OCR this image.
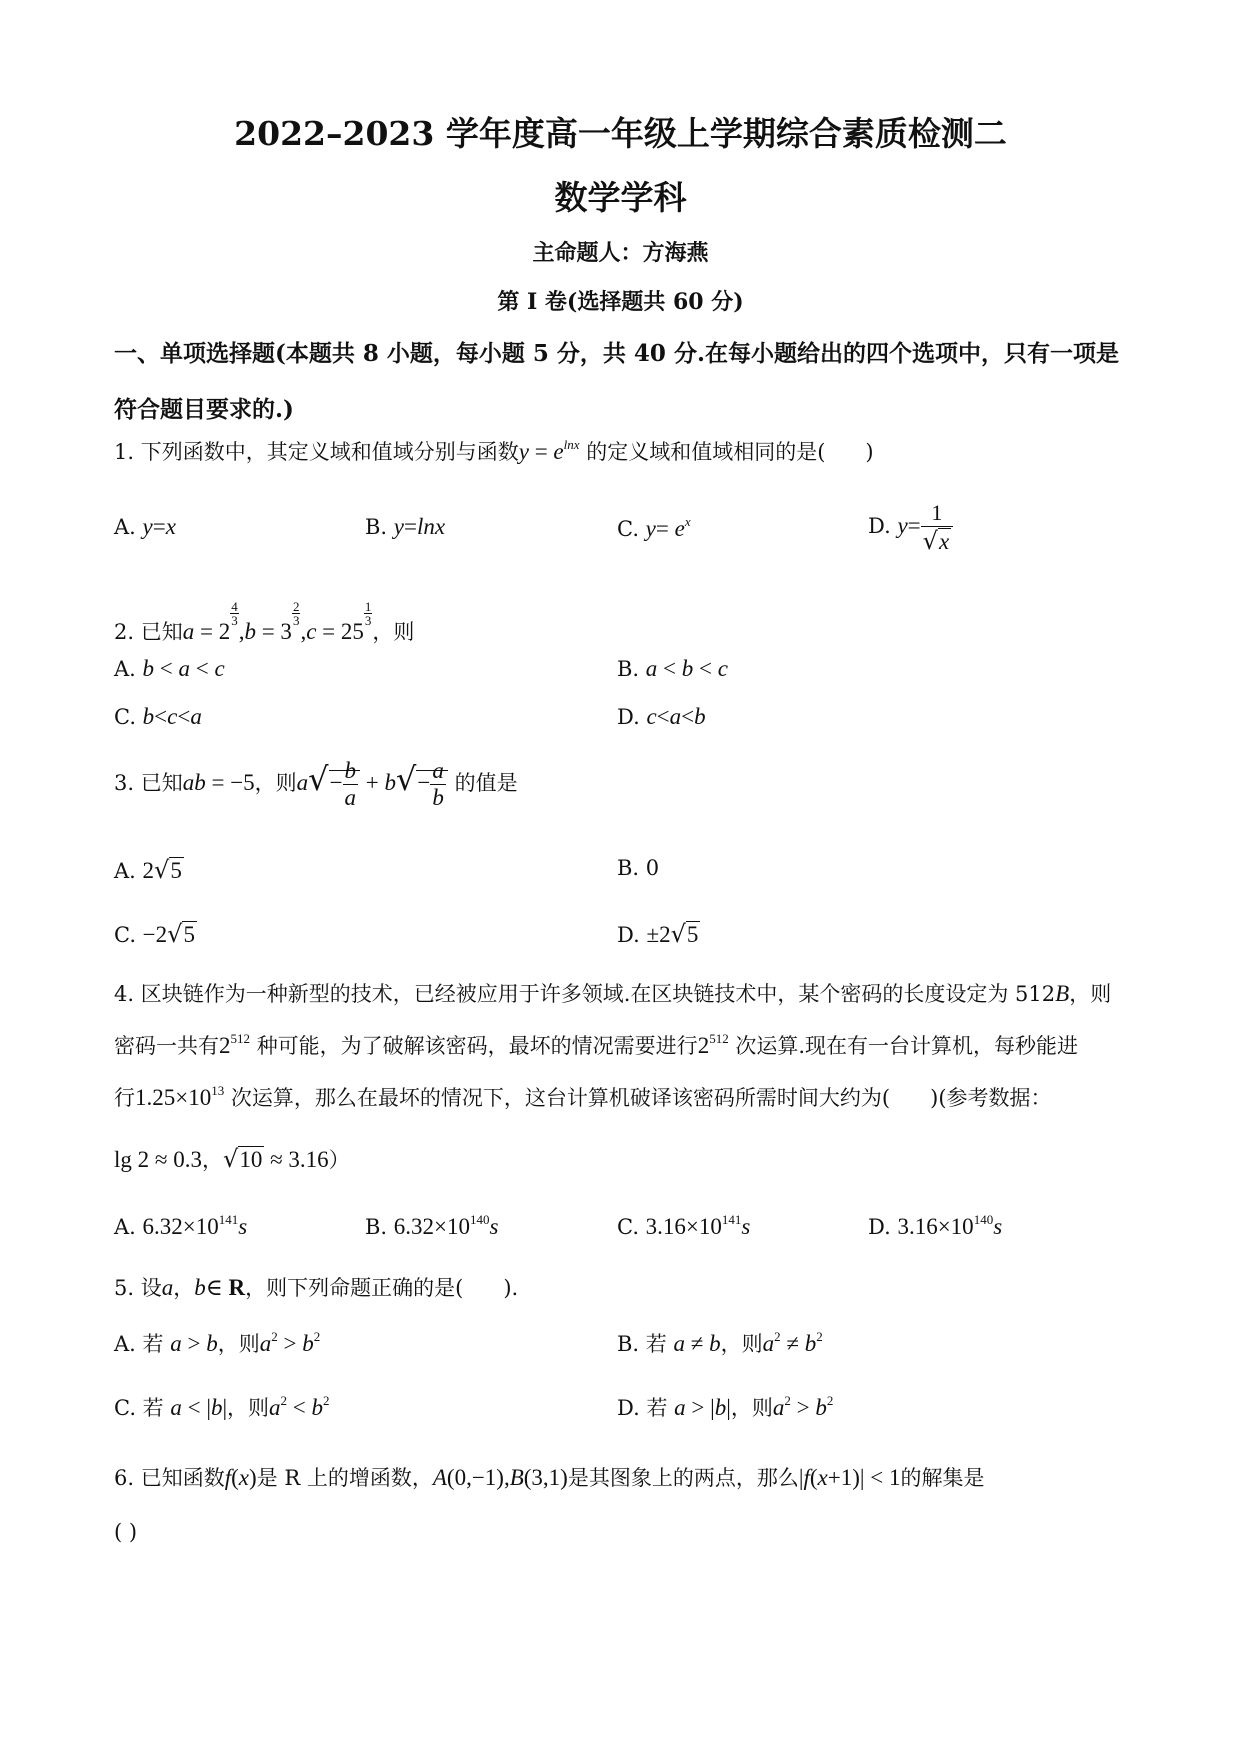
2022–2023 学年度高一年级上学期综合素质检测二
数学学科
主命题人：方海燕
第 I 卷(选择题共 60 分)
一、单项选择题(本题共 8 小题，每小题 5 分，共 40 分.在每小题给出的四个选项中，只有一项是符合题目要求的.)
1. 下列函数中，其定义域和值域分别与函数$y = e^{lnx}$ 的定义域和值域相同的是( )
A. y=x	B. y=lnx	C. $y= e^x$	D. $y= \frac{1}{√x}$
2. 已知a = 2
$\frac{4}{3}$
,b = 3
$\frac{2}{3}$
,c = 25
$\frac{1}{3}$
，则
A. b < a < c	B. a < b < c
C. b<c<a	D. c<a<b
3. 已知ab = −5，则$a√- \frac{b}{a} + b√- \frac{a}{b}$ 的值是
A. 2√5	B. 0
C. −2√5	D. ±2√5
4. 区块链作为一种新型的技术，已经被应用于许多领域.在区块链技术中，某个密码的长度设定为 512B，则
密码一共有$2^{512}$ 种可能，为了破解该密码，最坏的情况需要进行$2^{512}$ 次运算.现在有一台计算机，每秒能进
行$1.25\times 10^{13}$ 次运算，那么在最坏的情况下，这台计算机破译该密码所需时间大约为( )(参考数据：
lg 2 ≈ 0.3，√10 ≈ 3.16）
A. $6.32\times 10^{141}s$	B. $6.32\times 10^{140}s$	C. $3.16\times 10^{141}s$	D. $3.16\times 10^{140}s$
5. 设a，b∈ R，则下列命题正确的是( ).
A. 若 a > b，则$a^2 > b^2$	B. 若 a ≠ b，则$a^2 \ne b^2$
C. 若 a < |b|，则$a^2 < b^2$	D. 若 a > |b|，则$a^2 > b^2$
6. 已知函数f(x)是 R 上的增函数，A(0,−1),B(3,1)是其图象上的两点，那么|f(x+1)| < 1的解集是
( )
